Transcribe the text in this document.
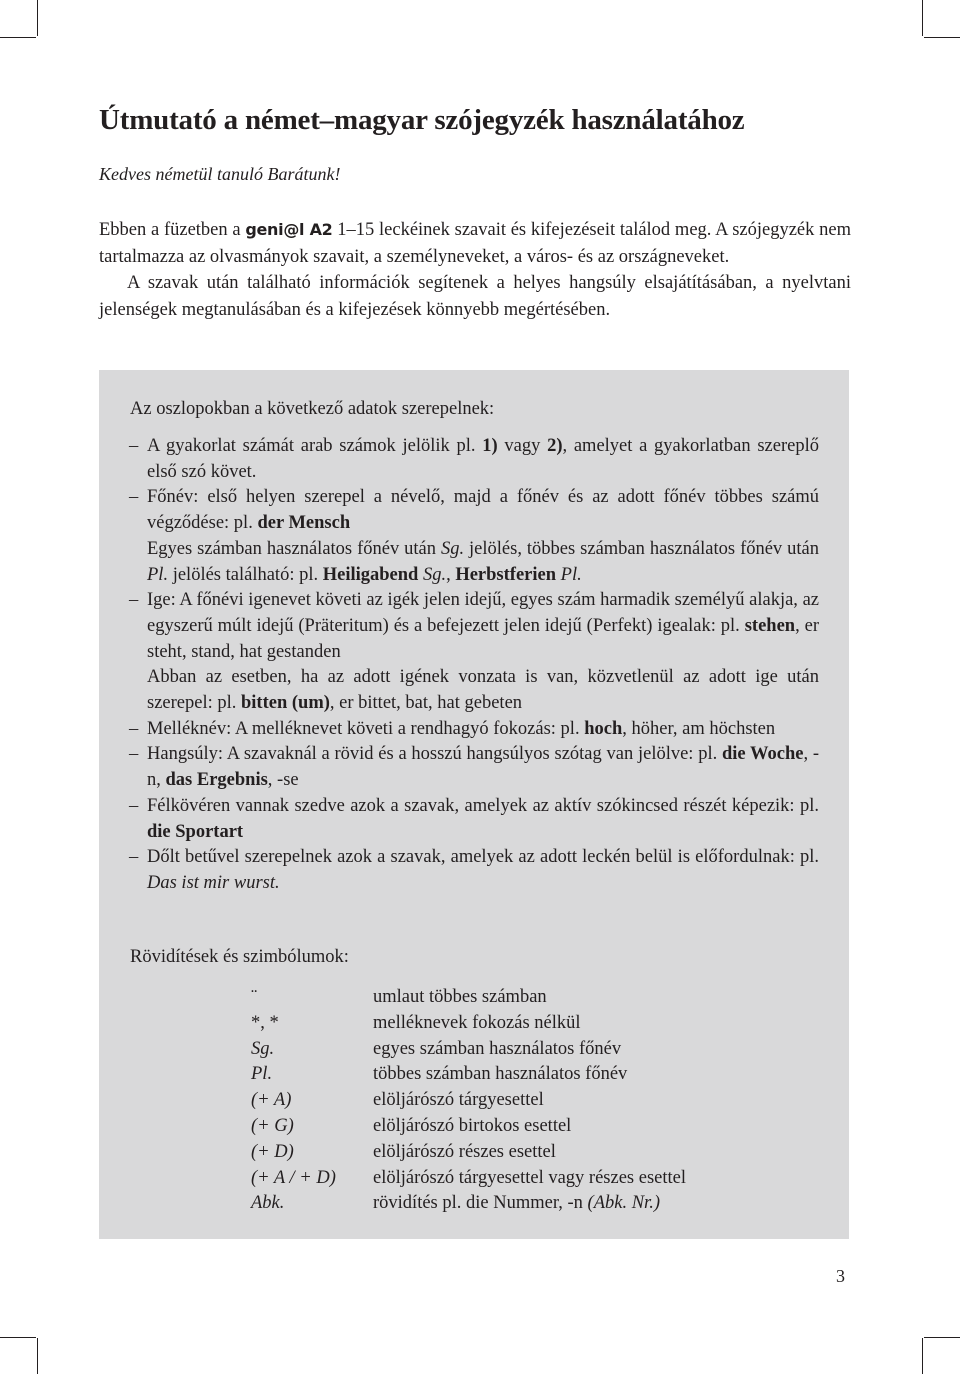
Útmutató a német–magyar szójegyzék használatához
Kedves németül tanuló Barátunk!

Ebben a füzetben a geni@l A2 1–15 leckéinek szavait és kifejezéseit találod meg. A szójegyzék nem tartalmazza az olvasmányok szavait, a személyneveket, a város- és az országneveket.

A szavak után található információk segítenek a helyes hangsúly elsajátításában, a nyelvtani jelenségek megtanulásában és a kifejezések könnyebb megértésében.

Az oszlopokban a következő adatok szerepelnek:
– A gyakorlat számát arab számok jelölik pl. 1) vagy 2), amelyet a gyakorlatban szereplő első szó követ.
– Főnév: első helyen szerepel a névelő, majd a főnév és az adott főnév többes számú végződése: pl. der Mensch
Egyes számban használatos főnév után Sg. jelölés, többes számban használatos főnév után Pl. jelölés található: pl. Heiligabend Sg., Herbstferien Pl.
– Ige: A főnévi igenevet követi az igék jelen idejű, egyes szám harmadik személyű alakja, az egyszerű múlt idejű (Präteritum) és a befejezett jelen idejű (Perfekt) igealak: pl. stehen, er steht, stand, hat gestanden
Abban az esetben, ha az adott igének vonzata is van, közvetlenül az adott ige után szerepel: pl. bitten (um), er bittet, bat, hat gebeten
– Melléknév: A melléknevet követi a rendhagyó fokozás: pl. hoch, höher, am höchsten
– Hangsúly: A szavaknál a rövid és a hosszú hangsúlyos szótag van jelölve: pl. die Woche, -n, das Ergebnis, -se
– Félkövéren vannak szedve azok a szavak, amelyek az aktív szókincsed részét képezik: pl. die Sportart
– Dőlt betűvel szerepelnek azok a szavak, amelyek az adott leckén belül is előfordulnak: pl. Das ist mir wurst.
Rövidítések és szimbólumok:
¨	umlaut többes számban
*, *	melléknevek fokozás nélkül
Sg.	egyes számban használatos főnév
Pl.	többes számban használatos főnév
(+ A)	elöljárószó tárgyesettel
(+ G)	elöljárószó birtokos esettel
(+ D)	elöljárószó részes esettel
(+ A / + D) elöljárószó tárgyesettel vagy részes esettel
Abk.	rövidítés pl. die Nummer, -n (Abk. Nr.)
3
